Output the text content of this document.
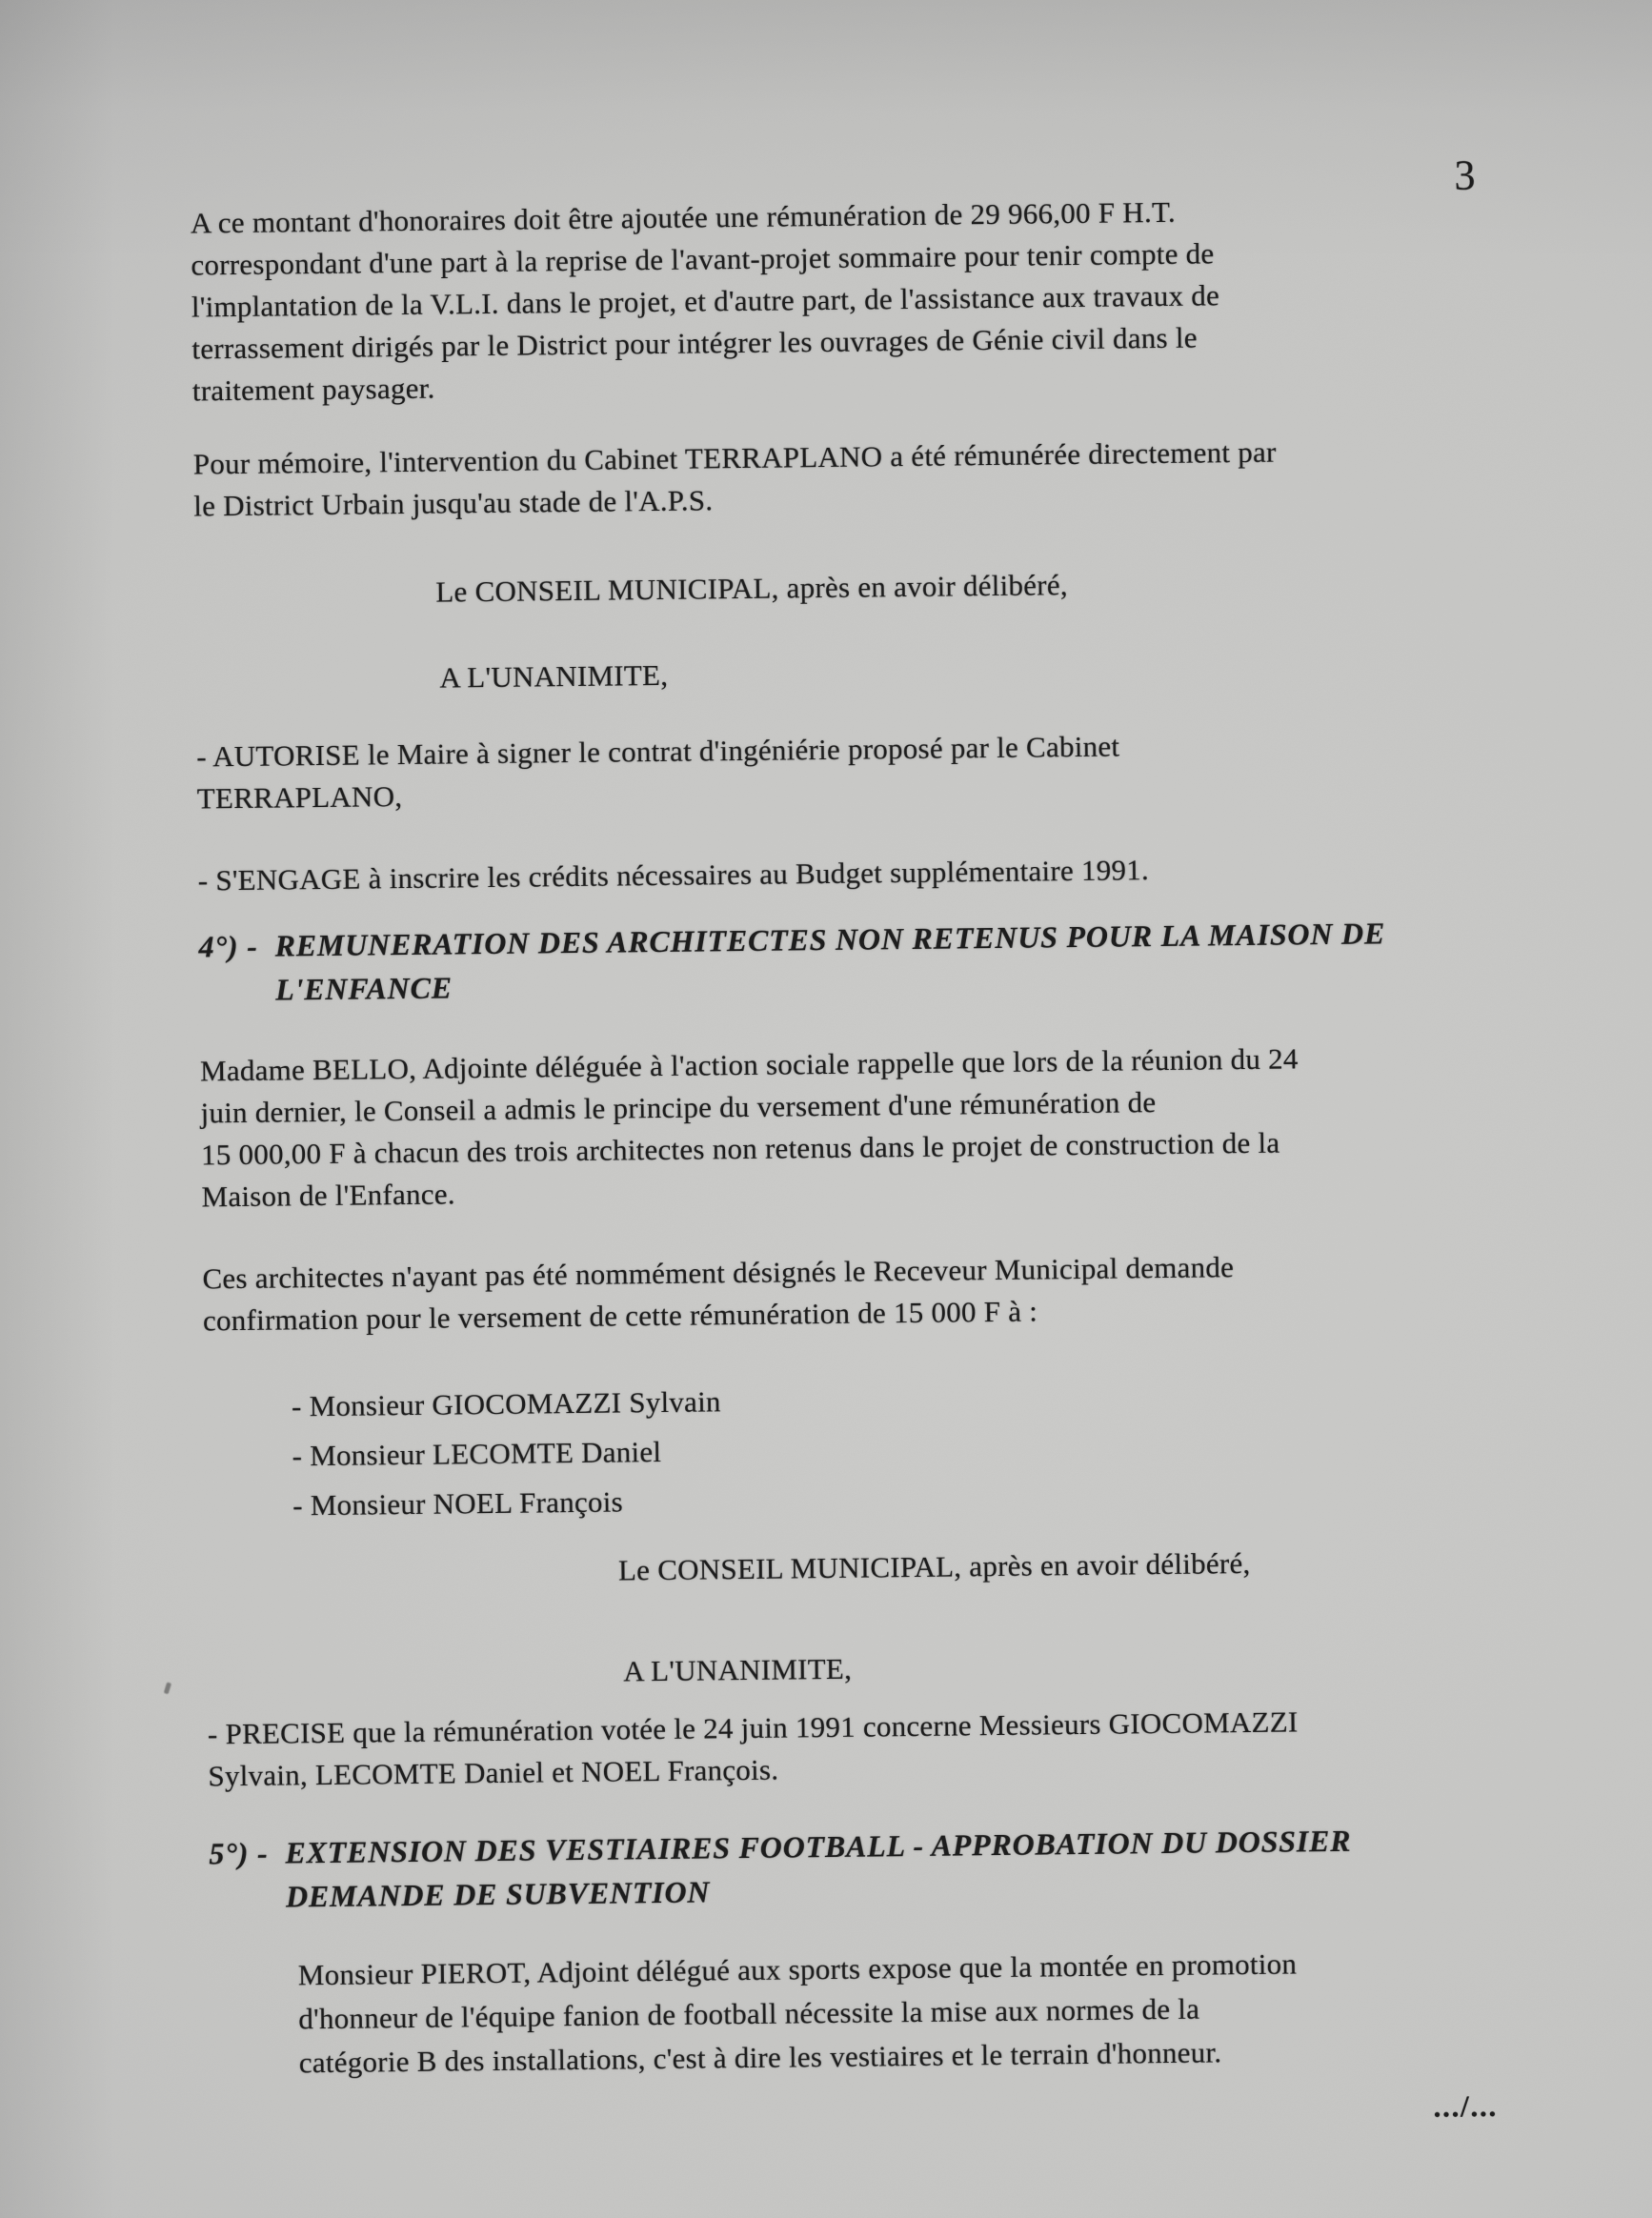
3
A ce montant d'honoraires doit être ajoutée une rémunération de 29 966,00 F H.T.
correspondant d'une part à la reprise de l'avant-projet sommaire pour tenir compte de
l'implantation de la V.L.I. dans le projet, et d'autre part, de l'assistance aux travaux de
terrassement dirigés par le District pour intégrer les ouvrages de Génie civil dans le
traitement paysager.
Pour mémoire, l'intervention du Cabinet TERRAPLANO a été rémunérée directement par
le District Urbain jusqu'au stade de l'A.P.S.
Le CONSEIL MUNICIPAL, après en avoir délibéré,
A L'UNANIMITE,
- AUTORISE le Maire à signer le contrat d'ingéniérie proposé par le Cabinet
TERRAPLANO,
- S'ENGAGE à inscrire les crédits nécessaires au Budget supplémentaire 1991.
4°) - REMUNERATION DES ARCHITECTES NON RETENUS POUR LA MAISON DE
L'ENFANCE
Madame BELLO, Adjointe déléguée à l'action sociale rappelle que lors de la réunion du 24
juin dernier, le Conseil a admis le principe du versement d'une rémunération de
15 000,00 F à chacun des trois architectes non retenus dans le projet de construction de la
Maison de l'Enfance.
Ces architectes n'ayant pas été nommément désignés le Receveur Municipal demande
confirmation pour le versement de cette rémunération de 15 000 F à :
- Monsieur GIOCOMAZZI Sylvain
- Monsieur LECOMTE Daniel
- Monsieur NOEL François
Le CONSEIL MUNICIPAL, après en avoir délibéré,
A L'UNANIMITE,
- PRECISE que la rémunération votée le 24 juin 1991 concerne Messieurs GIOCOMAZZI
Sylvain, LECOMTE Daniel et NOEL François.
5°) - EXTENSION DES VESTIAIRES FOOTBALL - APPROBATION DU DOSSIER
DEMANDE DE SUBVENTION
Monsieur PIEROT, Adjoint délégué aux sports expose que la montée en promotion
d'honneur de l'équipe fanion de football nécessite la mise aux normes de la
catégorie B des installations, c'est à dire les vestiaires et le terrain d'honneur.
.../...
